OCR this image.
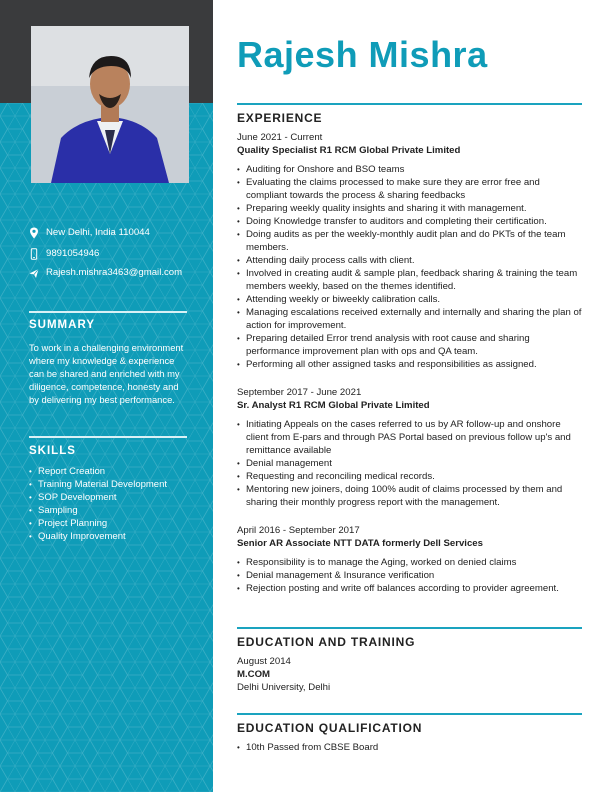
New Delhi, India 110044
9891054946
Rajesh.mishra3463@gmail.com
SUMMARY
To work in a challenging environment where my knowledge & experience can be shared and enriched with my diligence, competence, honesty and by delivering my best performance.
SKILLS
• Report Creation
• Training Material Development
• SOP Development
• Sampling
• Project Planning
• Quality Improvement
Rajesh Mishra
EXPERIENCE
June 2021 - Current
Quality Specialist R1 RCM Global Private Limited
• Auditing for Onshore and BSO teams
• Evaluating the claims processed to make sure they are error free and compliant towards the process & sharing feedbacks
• Preparing weekly quality insights and sharing it with management.
• Doing Knowledge transfer to auditors and completing their certification.
• Doing audits as per the weekly-monthly audit plan and do PKTs of the team members.
• Attending daily process calls with client.
• Involved in creating audit & sample plan, feedback sharing & training the team members weekly, based on the themes identified.
• Attending weekly or biweekly calibration calls.
• Managing escalations received externally and internally and sharing the plan of action for improvement.
• Preparing detailed Error trend analysis with root cause and sharing performance improvement plan with ops and QA team.
• Performing all other assigned tasks and responsibilities as assigned.
September 2017 - June 2021
Sr. Analyst R1 RCM Global Private Limited
• Initiating Appeals on the cases referred to us by AR follow-up and onshore client from E-pars and through PAS Portal based on previous follow up's and remittance available
• Denial management
• Requesting and reconciling medical records.
• Mentoring new joiners, doing 100% audit of claims processed by them and sharing their monthly progress report with the management.
April 2016 - September 2017
Senior AR Associate NTT DATA formerly Dell Services
• Responsibility is to manage the Aging, worked on denied claims
• Denial management & Insurance verification
• Rejection posting and write off balances according to provider agreement.
EDUCATION AND TRAINING
August 2014
M.COM
Delhi University, Delhi
EDUCATION QUALIFICATION
• 10th Passed from CBSE Board
